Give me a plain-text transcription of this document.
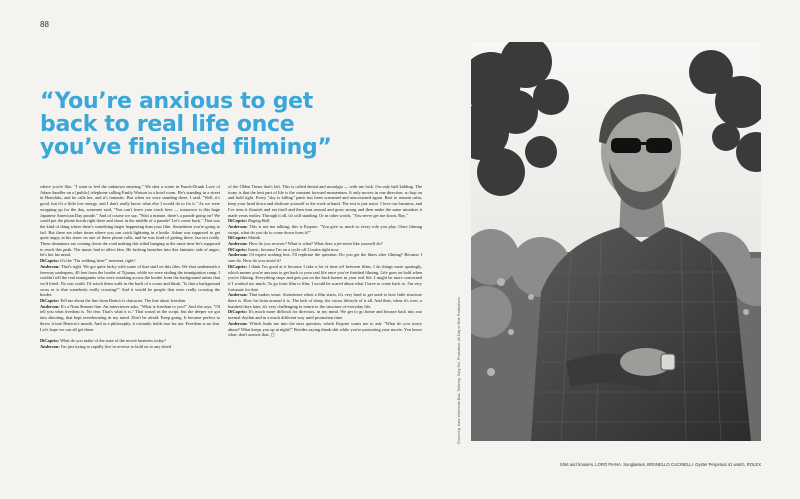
88
“You’re anxious to get back to real life once you’ve finished filming”

where you're like, "I want to feel the unknown entering." We shot a scene in Punch-Drunk Love of Adam Sandler on a [public] telephone calling Emily Watson in a hotel room. He's standing in a street in Honolulu, and he calls her, and it's fantastic. But when we were standing there, I said, "Well, it's good, but it's a little low energy, and I don't really know what else I would do to fix it." As we were wrapping up for the day, someone said, "You can't leave your truck here — tomorrow is this huge Japanese American Day parade." And of course we say, "Wait a minute, there's a parade going on? We could put the phone booth right there and shoot in the middle of a parade? Let's come back." That was the kind of thing where there's something larger happening than your film. Sometimes you're going to fail. But there are other times where you can catch lightning in a bottle. Adam was supposed to get quite angry at his sister on one of these phone calls, and he was kind of getting there, but not really. These drummers are coming down the road making this tribal banging at the same time he's supposed to reach this peak. The music had to affect him. He fucking launches into this fantastic side of anger; let's hot his mind.

DiCaprio: It's the "I'm walking here!" moment, right?

Anderson: That's right. We got quite lucky with some of that stuff on this film. We shot underneath a freeway underpass, 40 feet from the border of Tijuana, while we were raiding the immigration camp. I couldn't tell the real immigrants who were sneaking across the border from the background artists that we'd hired. No one could. I'd watch them walk in the back of a scene and think, "Is that a background cross or is that somebody really crossing?" And it would be people that were really crossing the border.

DiCaprio: Tell me about the line from Benicio's character. The line about freedom.

Anderson: It's a Nina Simone line. An interviewer asks, "What is freedom to you?" And she says, "I'll tell you what freedom is. No fear. That's what it is." That wasn't in the script, but the deeper we got into shooting, that kept reverberating in my mind. Don't be afraid. Keep going. It became perfect to throw it into Benicio's mouth. And as a philosophy, it certainly holds true for me. Freedom is no fear. Let's hope we can all get there.

DiCaprio: What do you make of the state of the movie business today?

Anderson: I'm just trying to rapidly live in reverse to hold on to any shred

of the Olden Times that's left. This is called denial and nostalgia — with me luck. I'm only half kidding. The irony is that the best part of life is the constant forward momentum. It only moves in one direction, so hop on and hold tight. Every "sky is falling" panic has been screamed and unscreamed again. Best to remain calm, keep your head down and dedicate yourself to the work at hand. The rest is just noise. I love our business, and I've seen it flourish and eat itself and then turn around and grow strong and then make the same mistakes it made years earlier. Through it all, it's still standing. Or in other words, "You never get me down, Ray."

DiCaprio: Raging Bull.

Anderson: This is not me talking; this is Esquire. "You give so much to every role you play. Once filming wraps, what do you do to come down from it?"

DiCaprio: Shrink.

Anderson: How do you recover? What is what? What does a jet-setter like yourself do?

DiCaprio: Ironic, because I'm on a cycle off Croatia right now.

Anderson: I'd expect nothing less. I'll rephrase the question: Do you get the blues after filming? Because I sure do. How do you avoid it?

DiCaprio: I think I'm good at it because I take a lot of time off between films. I do things more sparingly, which means you're anxious to get back to your real life once you've finished filming. Life goes on hold when you're filming. Everything stops and gets put on the back burner in your real life. I might be more concerned if I worked too much. To go from film to film, I would be scared about what I have to come back to. I'm very fortunate for that.

Anderson: That makes sense. Sometimes when a film starts, it's very hard to get used to how little structure there is. How far from normal it is. The lack of sleep, the circus lifestyle of it all. And then, when it's over, a hundred days later, it's very challenging to return to the structure of everyday life.

DiCaprio: It's much more difficult for directors, in my mind. We get to go home and bounce back into our normal rhythm and in a much different way until promotion time.

Anderson: Which leads me into the next question, which Esquire wants me to ask: "What do you worry about? What keeps you up at night?" Besides saying thank shit while you're promoting your movie. You know what, don't answer that. ◻	Grooming: Kara Yoshimoto Bua. Tailoring: Susy Hui. Production: All Day or Blue Productions
Shirt and trousers, LORO PIANA. Sunglasses, BRUNELLO CUCINELLI. Oyster Perpetual 41 watch, ROLEX
